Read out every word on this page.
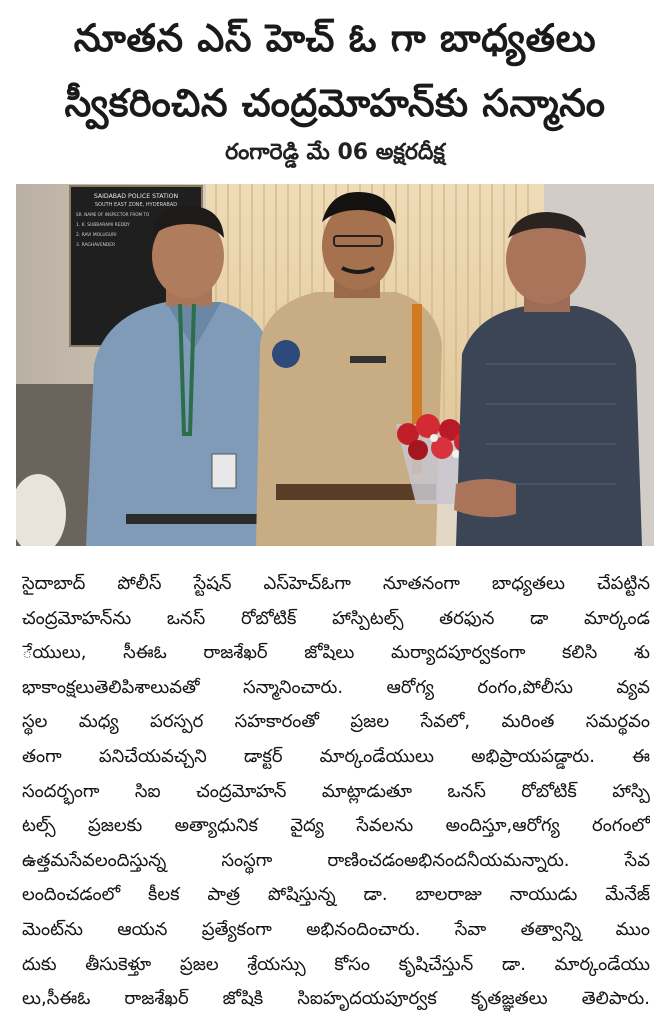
నూతన ఎస్ హెచ్ ఓ గా బాధ్యతలు
స్వీకరించిన చంద్రమోహన్‌కు సన్మానం
రంగారెడ్డి మే 06 అక్షరదీక్ష
SAIDABAD POLICE STATION
SOUTH EAST ZONE, HYDERABAD
SR. NAME OF INSPECTOR FROM TO
1. K. SUBBARAMI REDDY
2. RAVI MOLUGURI
3. RAGHAVENDER
సైదాబాద్ పోలీస్ స్టేషన్ ఎస్‌హెచ్‌ఓగా నూతనంగా బాధ్యతలు చేపట్టిన
చంద్రమోహన్‌ను ఒనస్ రోబోటిక్ హాస్పిటల్స్ తరఫున డా మార్కండ
ేయులు, సీఈఓ రాజశేఖర్ జోషిలు మర్యాదపూర్వకంగా కలిసి శు
భాకాంక్షలుతెలిపిశాలువతో సన్మానించారు. ఆరోగ్య రంగం,పోలీసు వ్యవ
స్థల మధ్య పరస్పర సహకారంతో ప్రజల సేవలో, మరింత సమర్థవం
తంగా పనిచేయవచ్చని డాక్టర్ మార్కండేయులు అభిప్రాయపడ్డారు. ఈ
సందర్భంగా సిఐ చంద్రమోహన్ మాట్లాడుతూ ఒనస్ రోబోటిక్ హాస్పి
టల్స్ ప్రజలకు అత్యాధునిక వైద్య సేవలను అందిస్తూ,ఆరోగ్య రంగంలో
ఉత్తమసేవలందిస్తున్న సంస్థగా రాణించడంఅభినందనీయమన్నారు. సేవ
లందించడంలో కీలక పాత్ర పోషిస్తున్న డా. బాలరాజు నాయుడు మేనేజ్
మెంట్‌ను ఆయన ప్రత్యేకంగా అభినందించారు. సేవా తత్వాన్ని ముం
దుకు తీసుకెళ్తూ ప్రజల శ్రేయస్సు కోసం కృషిచేస్తున్ డా. మార్కండేయు
లు,సీఈఓ రాజశేఖర్ జోషికి సిఐహృదయపూర్వక కృతజ్ఞతలు తెలిపారు.
